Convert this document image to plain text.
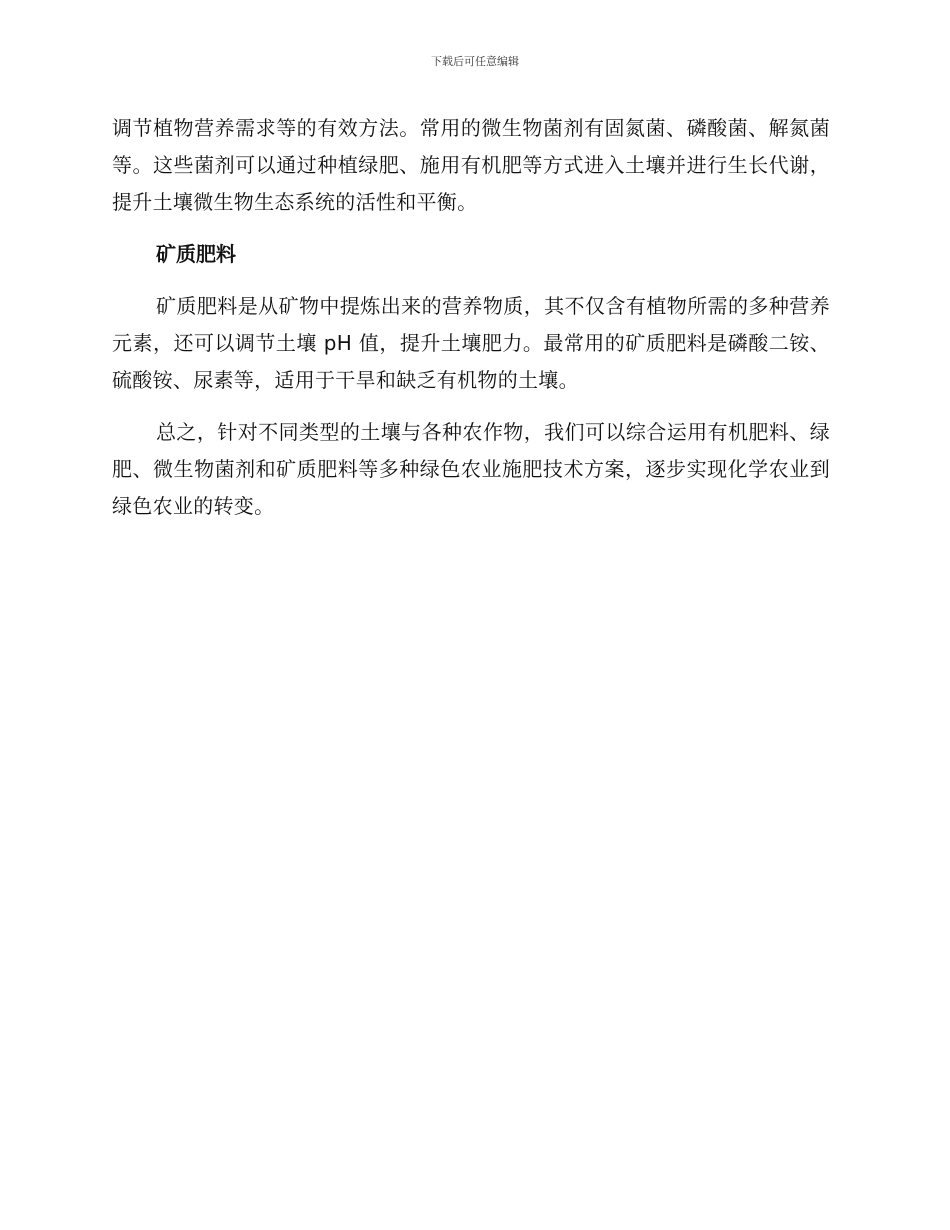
下载后可任意编辑

调节植物营养需求等的有效方法。常用的微生物菌剂有固氮菌、磷酸菌、解氮菌等。这些菌剂可以通过种植绿肥、施用有机肥等方式进入土壤并进行生长代谢，提升土壤微生物生态系统的活性和平衡。

矿质肥料

矿质肥料是从矿物中提炼出来的营养物质，其不仅含有植物所需的多种营养元素，还可以调节土壤 pH 值，提升土壤肥力。最常用的矿质肥料是磷酸二铵、硫酸铵、尿素等，适用于干旱和缺乏有机物的土壤。

总之，针对不同类型的土壤与各种农作物，我们可以综合运用有机肥料、绿肥、微生物菌剂和矿质肥料等多种绿色农业施肥技术方案，逐步实现化学农业到绿色农业的转变。
